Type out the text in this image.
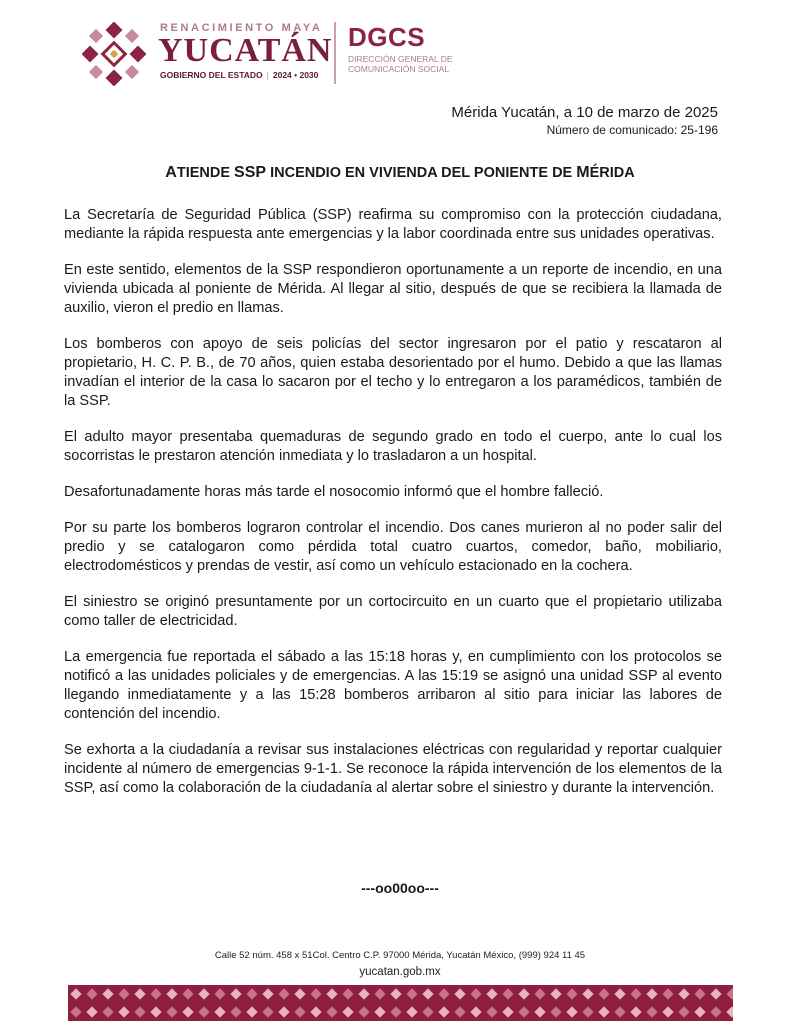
RENACIMIENTO MAYA
YUCATÁN
GOBIERNO DEL ESTADO | 2024 • 2030
DGCS
DIRECCIÓN GENERAL DE
COMUNICACIÓN SOCIAL
Mérida Yucatán, a 10 de marzo de 2025
Número de comunicado: 25-196
ATIENDE SSP INCENDIO EN VIVIENDA DEL PONIENTE DE MÉRIDA

La Secretaría de Seguridad Pública (SSP) reafirma su compromiso con la protección ciudadana, mediante la rápida respuesta ante emergencias y la labor coordinada entre sus unidades operativas.

En este sentido, elementos de la SSP respondieron oportunamente a un reporte de incendio, en una vivienda ubicada al poniente de Mérida. Al llegar al sitio, después de que se recibiera la llamada de auxilio, vieron el predio en llamas.

Los bomberos con apoyo de seis policías del sector ingresaron por el patio y rescataron al propietario, H. C. P. B., de 70 años, quien estaba desorientado por el humo. Debido a que las llamas invadían el interior de la casa lo sacaron por el techo y lo entregaron a los paramédicos, también de la SSP.

El adulto mayor presentaba quemaduras de segundo grado en todo el cuerpo, ante lo cual los socorristas le prestaron atención inmediata y lo trasladaron a un hospital.

Desafortunadamente horas más tarde el nosocomio informó que el hombre falleció.

Por su parte los bomberos lograron controlar el incendio. Dos canes murieron al no poder salir del predio y se catalogaron como pérdida total cuatro cuartos, comedor, baño, mobiliario, electrodomésticos y prendas de vestir, así como un vehículo estacionado en la cochera.

El siniestro se originó presuntamente por un cortocircuito en un cuarto que el propietario utilizaba como taller de electricidad.

La emergencia fue reportada el sábado a las 15:18 horas y, en cumplimiento con los protocolos se notificó a las unidades policiales y de emergencias. A las 15:19 se asignó una unidad SSP al evento llegando inmediatamente y a las 15:28 bomberos arribaron al sitio para iniciar las labores de contención del incendio.

Se exhorta a la ciudadanía a revisar sus instalaciones eléctricas con regularidad y reportar cualquier incidente al número de emergencias 9-1-1. Se reconoce la rápida intervención de los elementos de la SSP, así como la colaboración de la ciudadanía al alertar sobre el siniestro y durante la intervención.

---oo00oo---
Calle 52 núm. 458 x 51Col. Centro C.P. 97000 Mérida, Yucatán México, (999) 924 11 45
yucatan.gob.mx
